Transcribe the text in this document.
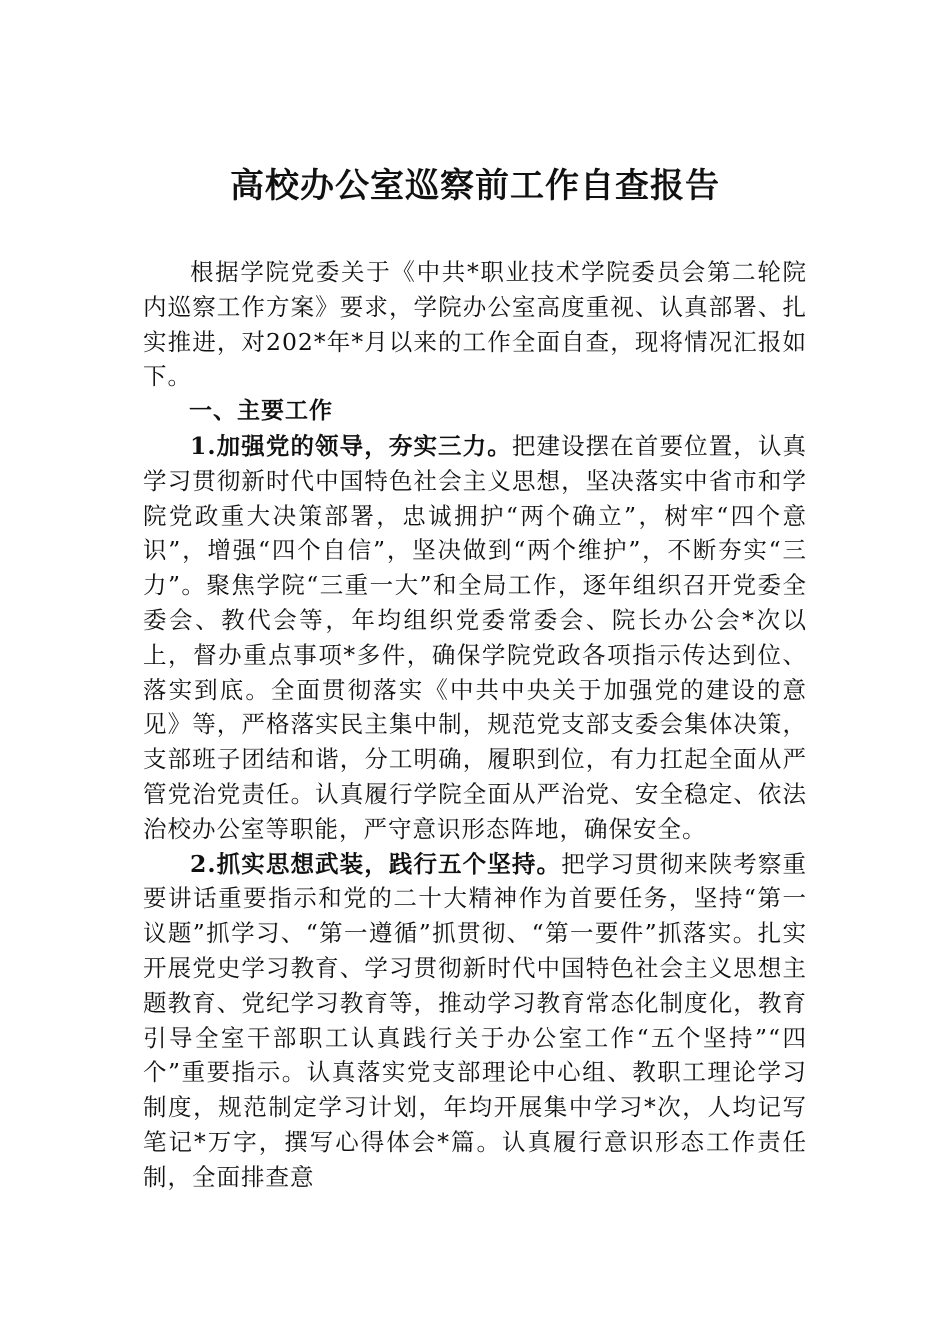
高校办公室巡察前工作自查报告

根据学院党委关于《中共*职业技术学院委员会第二轮院内巡察工作方案》要求，学院办公室高度重视、认真部署、扎实推进，对202*年*月以来的工作全面自查，现将情况汇报如下。

一、主要工作

1.加强党的领导，夯实三力。把建设摆在首要位置，认真学习贯彻新时代中国特色社会主义思想，坚决落实中省市和学院党政重大决策部署，忠诚拥护“两个确立”，树牢“四个意识”，增强“四个自信”，坚决做到“两个维护”，不断夯实“三力”。聚焦学院“三重一大”和全局工作，逐年组织召开党委全委会、教代会等，年均组织党委常委会、院长办公会*次以上，督办重点事项*多件，确保学院党政各项指示传达到位、落实到底。全面贯彻落实《中共中央关于加强党的建设的意见》等，严格落实民主集中制，规范党支部支委会集体决策，支部班子团结和谐，分工明确，履职到位，有力扛起全面从严管党治党责任。认真履行学院全面从严治党、安全稳定、依法治校办公室等职能，严守意识形态阵地，确保安全。

2.抓实思想武装，践行五个坚持。把学习贯彻来陕考察重要讲话重要指示和党的二十大精神作为首要任务，坚持“第一议题”抓学习、“第一遵循”抓贯彻、“第一要件”抓落实。扎实开展党史学习教育、学习贯彻新时代中国特色社会主义思想主题教育、党纪学习教育等，推动学习教育常态化制度化，教育引导全室干部职工认真践行关于办公室工作“五个坚持”“四个”重要指示。认真落实党支部理论中心组、教职工理论学习制度，规范制定学习计划，年均开展集中学习*次，人均记写笔记*万字，撰写心得体会*篇。认真履行意识形态工作责任制，全面排查意
